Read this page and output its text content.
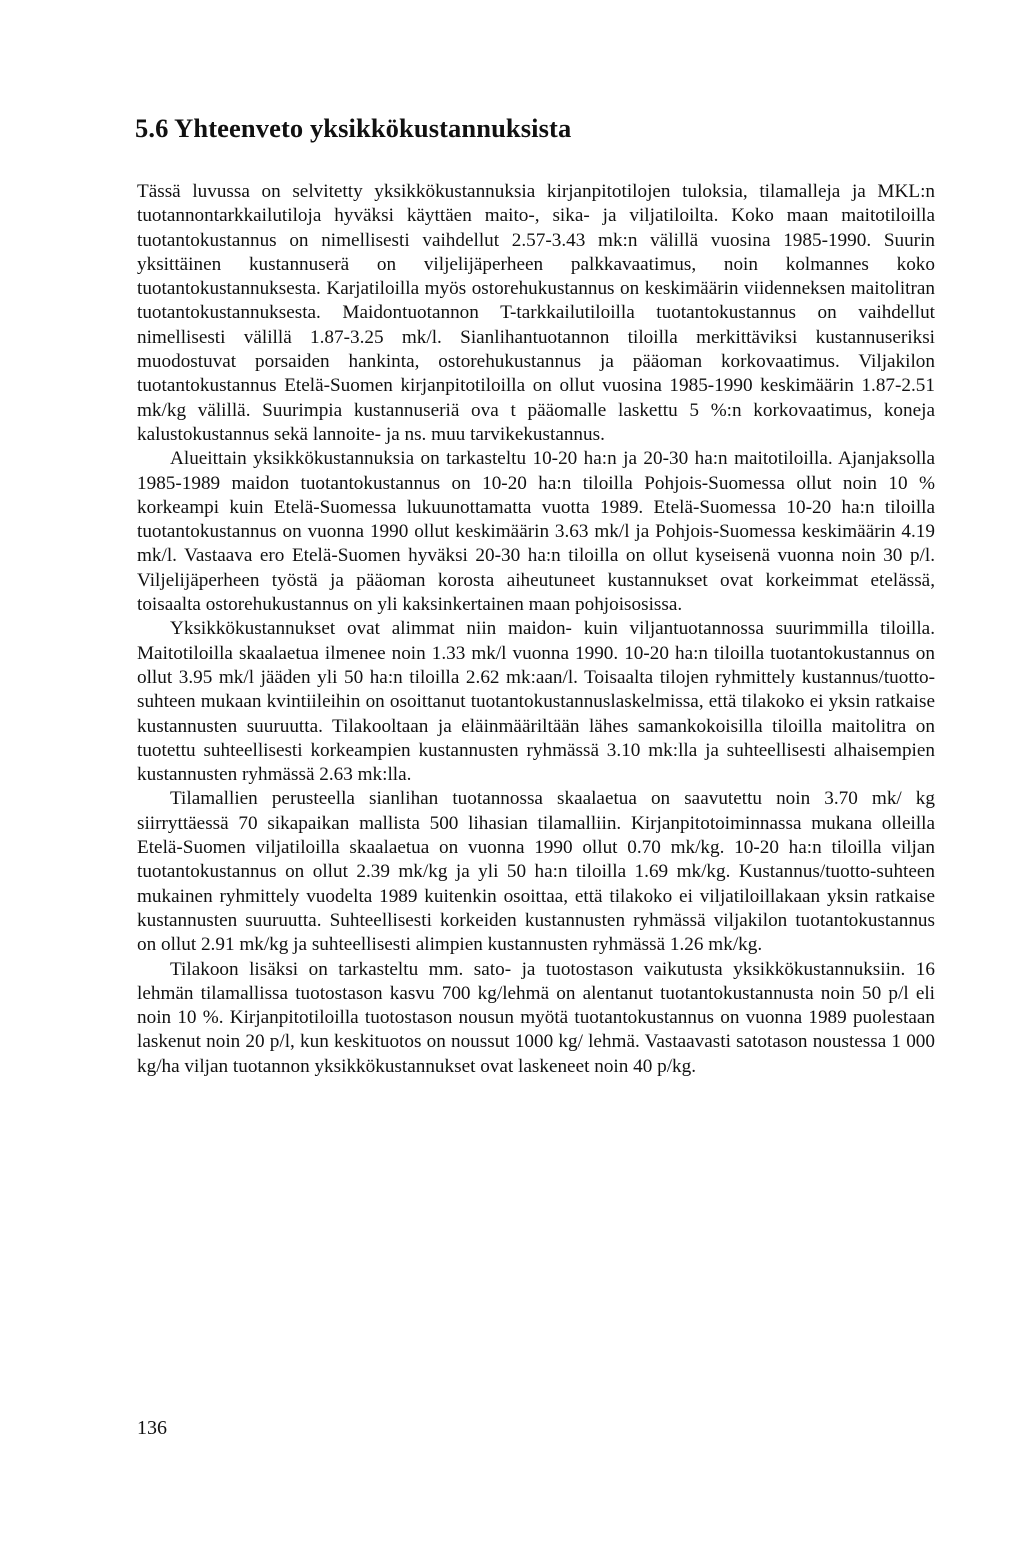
5.6 Yhteenveto yksikkökustannuksista

Tässä luvussa on selvitetty yksikkökustannuksia kirjanpitotilojen tuloksia, tilamalleja ja MKL:n tuotannontarkkailutiloja hyväksi käyttäen maito-, sika- ja viljatiloilta. Koko maan maitotiloilla tuotantokustannus on nimellisesti vaihdellut 2.57-3.43 mk:n välillä vuosina 1985-1990. Suurin yksittäinen kustannuserä on viljelijäperheen palkkavaatimus, noin kolmannes koko tuotantokustannuksesta. Karjatiloilla myös ostorehukustannus on keskimäärin viidenneksen maitolitran tuotantokustannuksesta. Maidontuotannon T-tarkkailutiloilla tuotantokustannus on vaihdellut nimellisesti välillä 1.87-3.25 mk/l. Sianlihantuotannon tiloilla merkittäviksi kustannuseriksi muodostuvat porsaiden hankinta, ostorehukustannus ja pääoman korkovaatimus. Viljakilon tuotantokustannus Etelä-Suomen kirjanpitotiloilla on ollut vuosina 1985-1990 keskimäärin 1.87-2.51 mk/kg välillä. Suurimpia kustannuseriä ova t pääomalle laskettu 5 %:n korkovaatimus, koneja kalustokustannus sekä lannoite- ja ns. muu tarvikekustannus.

Alueittain yksikkökustannuksia on tarkasteltu 10-20 ha:n ja 20-30 ha:n maitotiloilla. Ajanjaksolla 1985-1989 maidon tuotantokustannus on 10-20 ha:n tiloilla Pohjois-Suomessa ollut noin 10 % korkeampi kuin Etelä-Suomessa lukuunottamatta vuotta 1989. Etelä-Suomessa 10-20 ha:n tiloilla tuotantokustannus on vuonna 1990 ollut keskimäärin 3.63 mk/l ja Pohjois-Suomessa keskimäärin 4.19 mk/l. Vastaava ero Etelä-Suomen hyväksi 20-30 ha:n tiloilla on ollut kyseisenä vuonna noin 30 p/l. Viljelijäperheen työstä ja pääoman korosta aiheutuneet kustannukset ovat korkeimmat etelässä, toisaalta ostorehukustannus on yli kaksinkertainen maan pohjoisosissa.

Yksikkökustannukset ovat alimmat niin maidon- kuin viljantuotannossa suurimmilla tiloilla. Maitotiloilla skaalaetua ilmenee noin 1.33 mk/l vuonna 1990. 10-20 ha:n tiloilla tuotantokustannus on ollut 3.95 mk/l jääden yli 50 ha:n tiloilla 2.62 mk:aan/l. Toisaalta tilojen ryhmittely kustannus/tuotto-suhteen mukaan kvintiileihin on osoittanut tuotantokustannuslaskelmissa, että tilakoko ei yksin ratkaise kustannusten suuruutta. Tilakooltaan ja eläinmääriltään lähes samankokoisilla tiloilla maitolitra on tuotettu suhteellisesti korkeampien kustannusten ryhmässä 3.10 mk:lla ja suhteellisesti alhaisempien kustannusten ryhmässä 2.63 mk:lla.

Tilamallien perusteella sianlihan tuotannossa skaalaetua on saavutettu noin 3.70 mk/ kg siirryttäessä 70 sikapaikan mallista 500 lihasian tilamalliin. Kirjanpitotoiminnassa mukana olleilla Etelä-Suomen viljatiloilla skaalaetua on vuonna 1990 ollut 0.70 mk/kg. 10-20 ha:n tiloilla viljan tuotantokustannus on ollut 2.39 mk/kg ja yli 50 ha:n tiloilla 1.69 mk/kg. Kustannus/tuotto-suhteen mukainen ryhmittely vuodelta 1989 kuitenkin osoittaa, että tilakoko ei viljatiloillakaan yksin ratkaise kustannusten suuruutta. Suhteellisesti korkeiden kustannusten ryhmässä viljakilon tuotantokustannus on ollut 2.91 mk/kg ja suhteellisesti alimpien kustannusten ryhmässä 1.26 mk/kg.

Tilakoon lisäksi on tarkasteltu mm. sato- ja tuotostason vaikutusta yksikkökustannuksiin. 16 lehmän tilamallissa tuotostason kasvu 700 kg/lehmä on alentanut tuotantokustannusta noin 50 p/l eli noin 10 %. Kirjanpitotiloilla tuotostason nousun myötä tuotantokustannus on vuonna 1989 puolestaan laskenut noin 20 p/l, kun keskituotos on noussut 1000 kg/ lehmä. Vastaavasti satotason noustessa 1 000 kg/ha viljan tuotannon yksikkökustannukset ovat laskeneet noin 40 p/kg.

136
